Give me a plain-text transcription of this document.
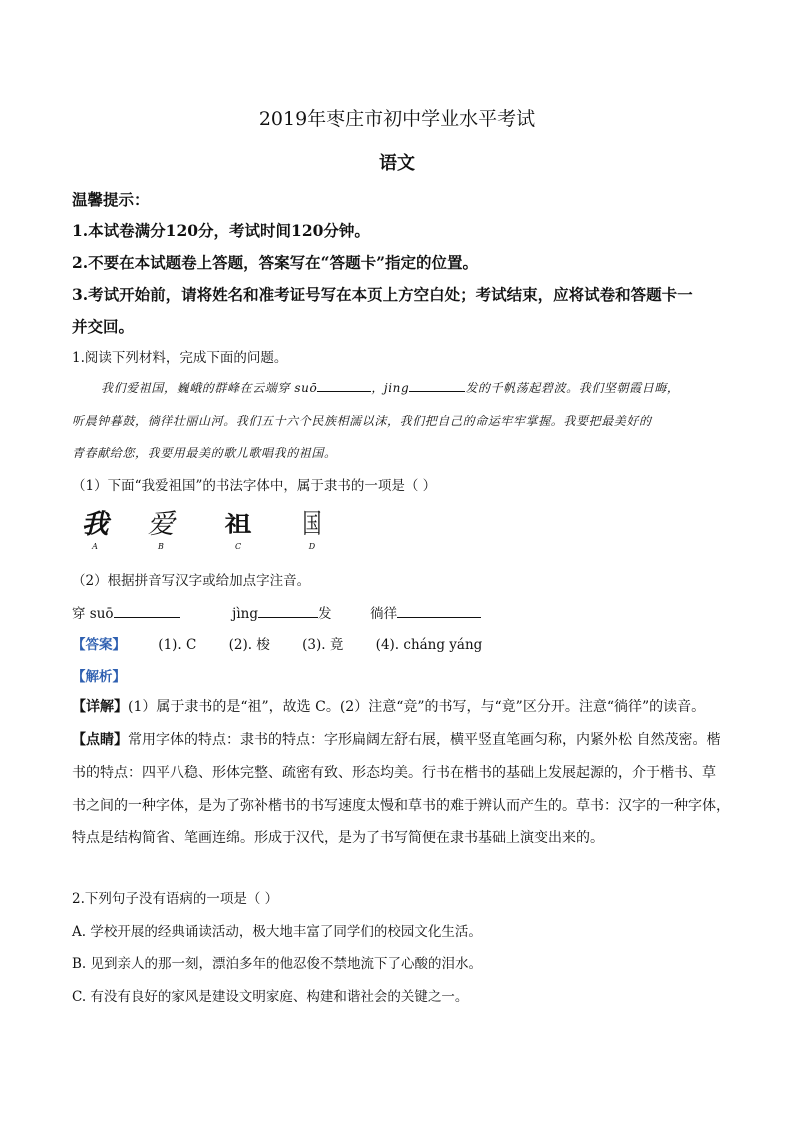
2019年枣庄市初中学业水平考试
语文
温馨提示：
1.本试卷满分120分，考试时间120分钟。
2.不要在本试题卷上答题，答案写在“答题卡”指定的位置。
3.考试开始前，请将姓名和准考证号写在本页上方空白处；考试结束，应将试卷和答题卡一
并交回。
1.阅读下列材料，完成下面的问题。
我们爱祖国，巍峨的群峰在云端穿 suō	，jing	发的千帆荡起碧波。我们坚朝霞日晦，
听晨钟暮鼓，徜徉壮丽山河。我们五十六个民族相濡以沫，我们把自己的命运牢牢掌握。我要把最美好的
青春献给您，我要用最美的歌儿歌唱我的祖国。
（1）下面“我爱祖国”的书法字体中，属于隶书的一项是（ ）
我
A
爱
B
祖
C
国
D
（2）根据拼音写汉字或给加点字注音。
穿 suō	jìng	发	徜徉
【答案】 (1). C (2). 梭 (3). 竟 (4). cháng yáng
【解析】
【详解】(1）属于隶书的是“祖”，故选 C。(2）注意“竞”的书写，与“竟”区分开。注意“徜徉”的读音。
【点睛】常用字体的特点：隶书的特点：字形扁阔左舒右展，横平竖直笔画匀称，内紧外松 自然茂密。楷
书的特点：四平八稳、形体完整、疏密有致、形态均美。行书在楷书的基础上发展起源的，介于楷书、草
书之间的一种字体，是为了弥补楷书的书写速度太慢和草书的难于辨认而产生的。草书：汉字的一种字体，
特点是结构简省、笔画连绵。形成于汉代，是为了书写简便在隶书基础上演变出来的。
2.下列句子没有语病的一项是（ ）
A. 学校开展的经典诵读活动，极大地丰富了同学们的校园文化生活。
B. 见到亲人的那一刻，漂泊多年的他忍俊不禁地流下了心酸的泪水。
C. 有没有良好的家风是建设文明家庭、构建和谐社会的关键之一。
